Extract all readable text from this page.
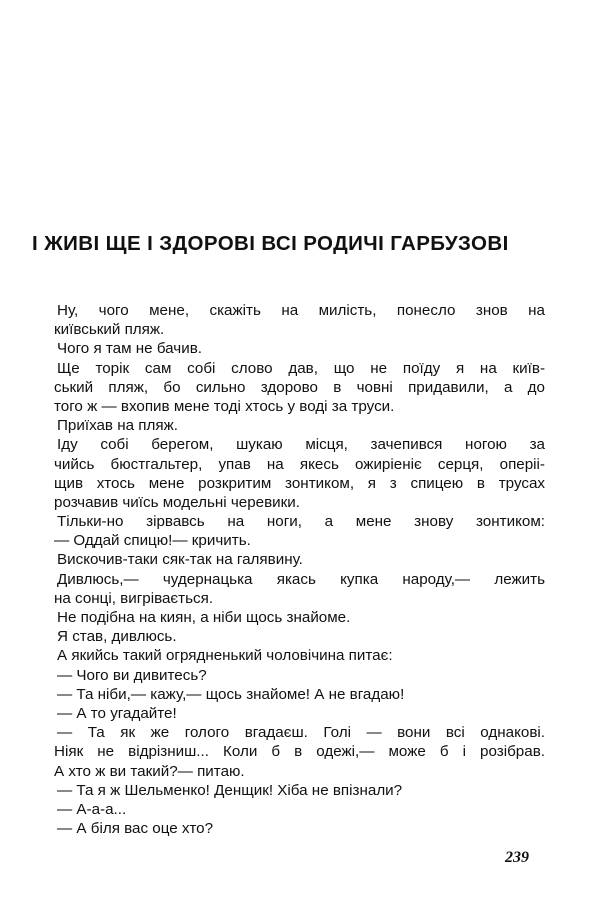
І ЖИВІ ЩЕ І ЗДОРОВІ ВСІ РОДИЧІ ГАРБУЗОВІ
Ну, чого мене, скажіть на милість, понесло знов на
київський пляж.
Чого я там не бачив.
Ще торік сам собі слово дав, що не поїду я на київ-
ський пляж, бо сильно здорово в човні придавили, а до
того ж — вхопив мене тоді хтось у воді за труси.
Приїхав на пляж.
Іду собі берегом, шукаю місця, зачепився ногою за
чийсь бюстгальтер, упав на якесь ожиріеніє серця, оперіі-
щив хтось мене розкритим зонтиком, я з спицею в трусах
розчавив чиїсь модельні черевики.
Тільки-но зірвавсь на ноги, а мене знову зонтиком:
— Оддай спицю!— кричить.
Вискочив-таки сяк-так на галявину.
Дивлюсь,— чудернацька якась купка народу,— лежить
на сонці, вигрівається.
Не подібна на киян, а ніби щось знайоме.
Я став, дивлюсь.
А якийсь такий огрядненький чоловічина питає:
— Чого ви дивитесь?
— Та ніби,— кажу,— щось знайоме! А не вгадаю!
— А то угадайте!
— Та як же голого вгадаєш. Голі — вони всі однакові.
Ніяк не відрізниш... Коли б в одежі,— може б і розібрав.
А хто ж ви такий?— питаю.
— Та я ж Шельменко! Денщик! Хіба не впізнали?
— А-а-а...
— А біля вас оце хто?
239
